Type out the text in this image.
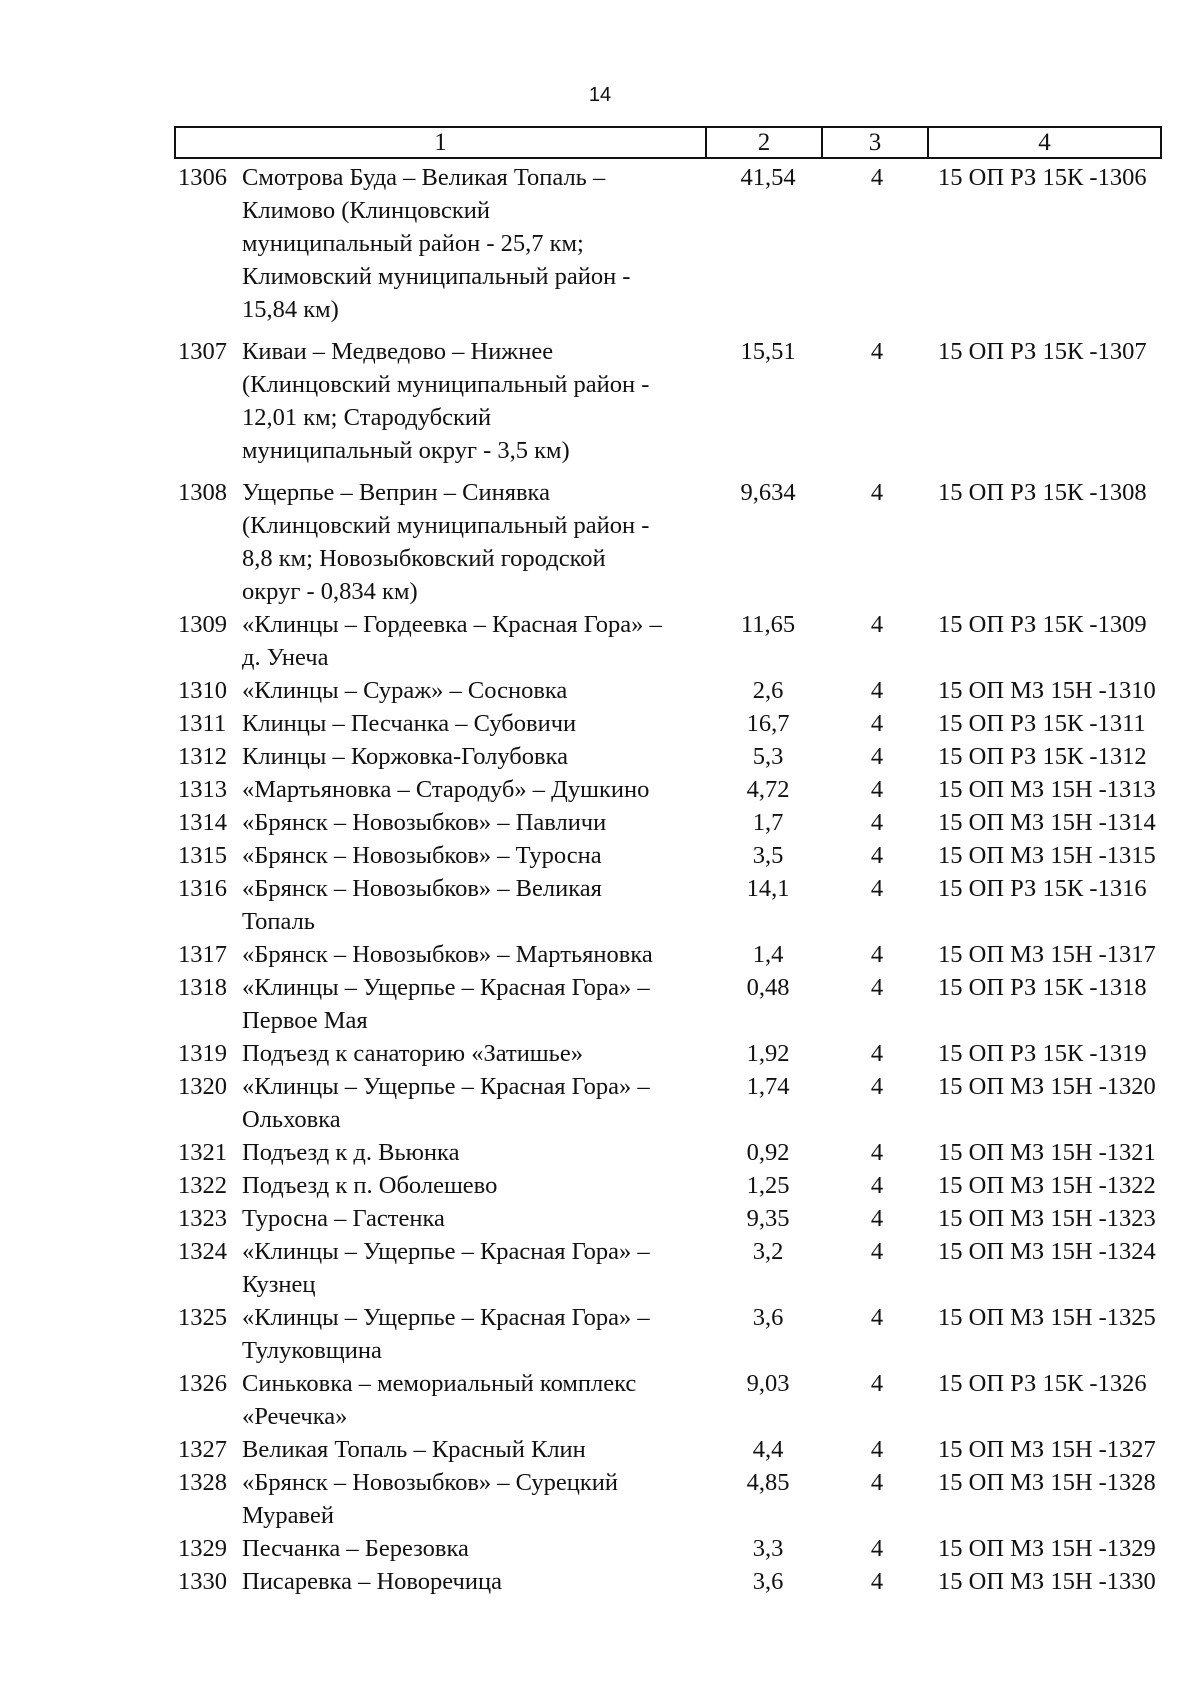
14
1	2	3	4
1306 Смотрова Буда – Великая Топаль –
Климово (Клинцовский
муниципальный район - 25,7 км;
Климовский муниципальный район -
15,84 км)
41,54	4	15 ОП РЗ 15К -1306
1307 Киваи – Медведово – Нижнее
(Клинцовский муниципальный район -
12,01 км; Стародубский
муниципальный округ - 3,5 км)
15,51	4	15 ОП РЗ 15К -1307
1308 Ущерпье – Веприн – Синявка
(Клинцовский муниципальный район -
8,8 км; Новозыбковский городской
округ - 0,834 км)
9,634	4	15 ОП РЗ 15К -1308
1309 «Клинцы – Гордеевка – Красная Гора» –
д. Унеча
11,65	4	15 ОП РЗ 15К -1309
1310 «Клинцы – Сураж» – Сосновка	2,6	4	15 ОП МЗ 15Н -1310
1311 Клинцы – Песчанка – Субовичи	16,7	4	15 ОП РЗ 15К -1311
1312 Клинцы – Коржовка-Голубовка	5,3	4	15 ОП РЗ 15К -1312
1313 «Мартьяновка – Стародуб» – Душкино	4,72	4	15 ОП МЗ 15Н -1313
1314 «Брянск – Новозыбков» – Павличи	1,7	4	15 ОП МЗ 15Н -1314
1315 «Брянск – Новозыбков» – Туросна	3,5	4	15 ОП МЗ 15Н -1315
1316 «Брянск – Новозыбков» – Великая
Топаль
14,1	4	15 ОП РЗ 15К -1316
1317 «Брянск – Новозыбков» – Мартьяновка	1,4	4	15 ОП МЗ 15Н -1317
1318 «Клинцы – Ущерпье – Красная Гора» –
Первое Мая
0,48	4	15 ОП РЗ 15К -1318
1319 Подъезд к санаторию «Затишье»	1,92	4	15 ОП РЗ 15К -1319
1320 «Клинцы – Ущерпье – Красная Гора» –
Ольховка
1,74	4	15 ОП МЗ 15Н -1320
1321 Подъезд к д. Вьюнка	0,92	4	15 ОП МЗ 15Н -1321
1322 Подъезд к п. Оболешево	1,25	4	15 ОП МЗ 15Н -1322
1323 Туросна – Гастенка	9,35	4	15 ОП МЗ 15Н -1323
1324 «Клинцы – Ущерпье – Красная Гора» –
Кузнец
3,2	4	15 ОП МЗ 15Н -1324
1325 «Клинцы – Ущерпье – Красная Гора» –
Тулуковщина
3,6	4	15 ОП МЗ 15Н -1325
1326 Синьковка – мемориальный комплекс
«Речечка»
9,03	4	15 ОП РЗ 15К -1326
1327 Великая Топаль – Красный Клин	4,4	4	15 ОП МЗ 15Н -1327
1328 «Брянск – Новозыбков» – Сурецкий
Муравей
4,85	4	15 ОП МЗ 15Н -1328
1329 Песчанка – Березовка	3,3	4	15 ОП МЗ 15Н -1329
1330 Писаревка – Новоречица	3,6	4	15 ОП МЗ 15Н -1330
